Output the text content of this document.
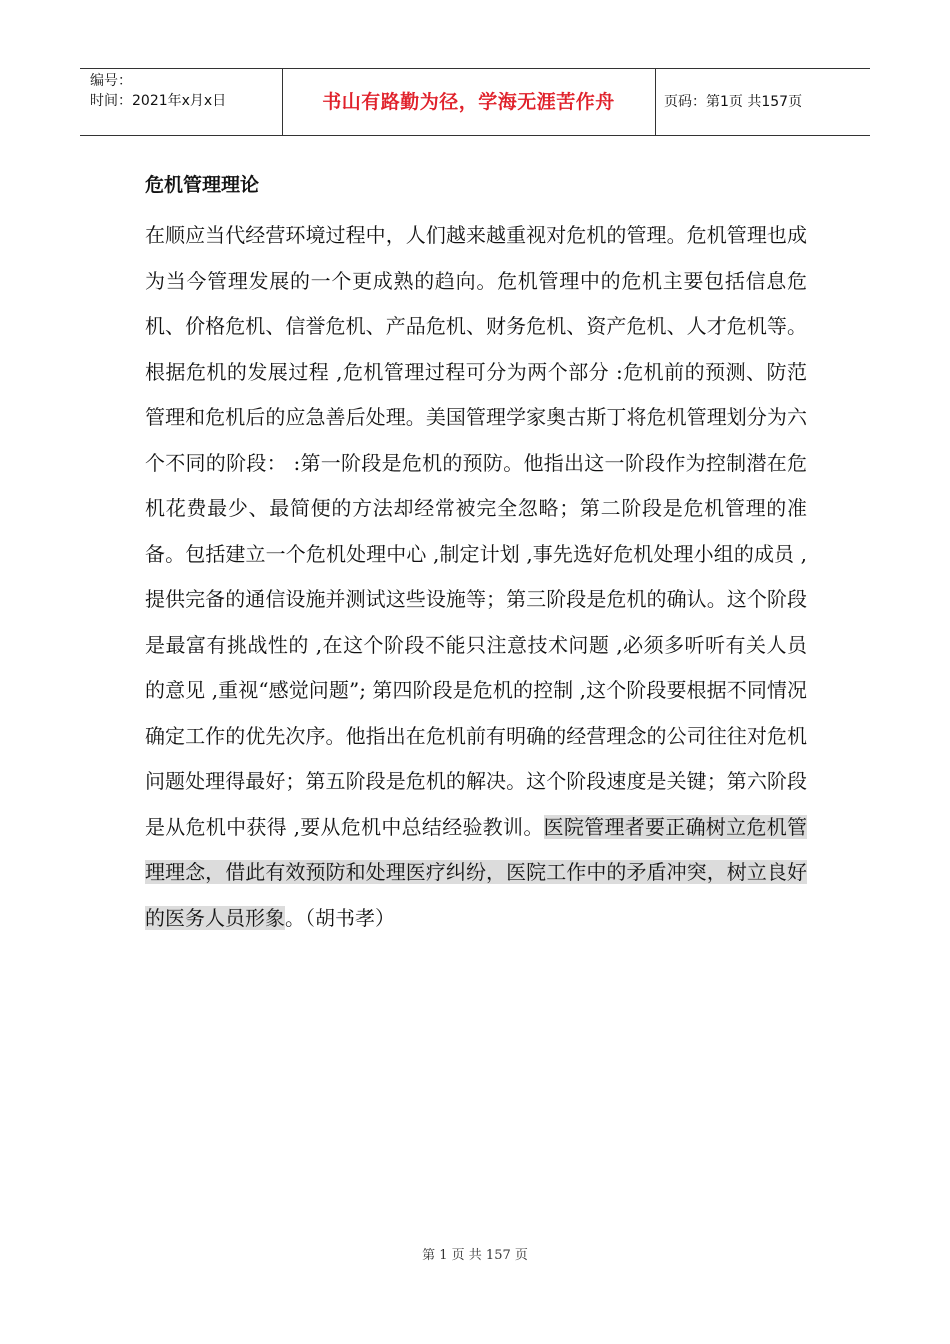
编号：
时间：2021年x月x日	书山有路勤为径，学海无涯苦作舟	页码：第1页 共157页
危机管理理论
在顺应当代经营环境过程中，人们越来越重视对危机的管理。危机管理也成为当今管理发展的一个更成熟的趋向。危机管理中的危机主要包括信息危机、价格危机、信誉危机、产品危机、财务危机、资产危机、人才危机等。根据危机的发展过程 ,危机管理过程可分为两个部分 :危机前的预测、防范管理和危机后的应急善后处理。美国管理学家奥古斯丁将危机管理划分为六个不同的阶段： :第一阶段是危机的预防。他指出这一阶段作为控制潜在危机花费最少、最简便的方法却经常被完全忽略；第二阶段是危机管理的准备。包括建立一个危机处理中心 ,制定计划 ,事先选好危机处理小组的成员 ,提供完备的通信设施并测试这些设施等；第三阶段是危机的确认。这个阶段是最富有挑战性的 ,在这个阶段不能只注意技术问题 ,必须多听听有关人员的意见 ,重视“感觉问题”; 第四阶段是危机的控制 ,这个阶段要根据不同情况确定工作的优先次序。他指出在危机前有明确的经营理念的公司往往对危机问题处理得最好；第五阶段是危机的解决。这个阶段速度是关键；第六阶段是从危机中获得 ,要从危机中总结经验教训。医院管理者要正确树立危机管理理念，借此有效预防和处理医疗纠纷，医院工作中的矛盾冲突，树立良好的医务人员形象。（胡书孝）
第 1 页 共 157 页
